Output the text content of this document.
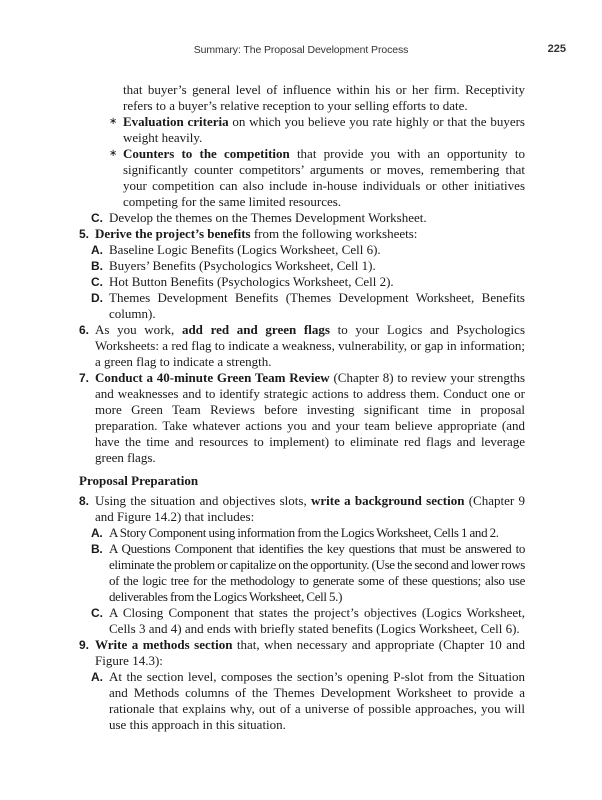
Summary: The Proposal Development Process	225

that buyer’s general level of influence within his or her firm. Receptivity refers to a buyer’s relative reception to your selling efforts to date.

∗ Evaluation criteria on which you believe you rate highly or that the buyers weight heavily.

∗ Counters to the competition that provide you with an opportunity to significantly counter competitors’ arguments or moves, remembering that your competition can also include in-house individuals or other initiatives competing for the same limited resources.

C. Develop the themes on the Themes Development Worksheet.

5. Derive the project’s benefits from the following worksheets:

A. Baseline Logic Benefits (Logics Worksheet, Cell 6).

B. Buyers’ Benefits (Psychologics Worksheet, Cell 1).

C. Hot Button Benefits (Psychologics Worksheet, Cell 2).

D. Themes Development Benefits (Themes Development Worksheet, Benefits column).

6. As you work, add red and green flags to your Logics and Psychologics Worksheets: a red flag to indicate a weakness, vulnerability, or gap in information; a green flag to indicate a strength.

7. Conduct a 40-minute Green Team Review (Chapter 8) to review your strengths and weaknesses and to identify strategic actions to address them. Conduct one or more Green Team Reviews before investing significant time in proposal preparation. Take whatever actions you and your team believe appropriate (and have the time and resources to implement) to eliminate red flags and leverage green flags.

Proposal Preparation

8. Using the situation and objectives slots, write a background section (Chapter 9 and Figure 14.2) that includes:

A. A Story Component using information from the Logics Worksheet, Cells 1 and 2.

B. A Questions Component that identifies the key questions that must be answered to eliminate the problem or capitalize on the opportunity. (Use the second and lower rows of the logic tree for the methodology to generate some of these questions; also use deliverables from the Logics Worksheet, Cell 5.)

C. A Closing Component that states the project’s objectives (Logics Worksheet, Cells 3 and 4) and ends with briefly stated benefits (Logics Worksheet, Cell 6).

9. Write a methods section that, when necessary and appropriate (Chapter 10 and Figure 14.3):

A. At the section level, composes the section’s opening P-slot from the Situation and Methods columns of the Themes Development Worksheet to provide a rationale that explains why, out of a universe of possible approaches, you will use this approach in this situation.
